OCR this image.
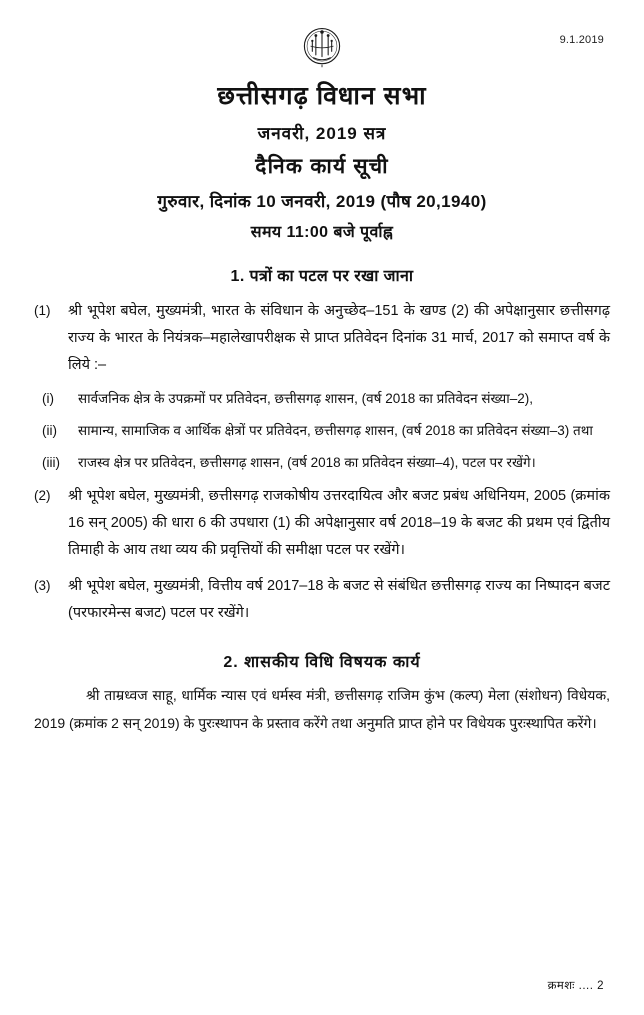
9.1.2019
.
छत्तीसगढ़ विधान सभा
जनवरी, 2019 सत्र
दैनिक कार्य सूची
गुरुवार, दिनांक 10 जनवरी, 2019 (पौष 20,1940)
समय 11:00 बजे पूर्वाह्न
1. पत्रों का पटल पर रखा जाना
(1)	श्री भूपेश बघेल, मुख्यमंत्री, भारत के संविधान के अनुच्छेद–151 के खण्ड (2) की अपेक्षानुसार छत्तीसगढ़ राज्य के भारत के नियंत्रक–महालेखापरीक्षक से प्राप्त प्रतिवेदन दिनांक 31 मार्च, 2017 को समाप्त वर्ष के लिये :–
(i)	सार्वजनिक क्षेत्र के उपक्रमों पर प्रतिवेदन, छत्तीसगढ़ शासन, (वर्ष 2018 का प्रतिवेदन संख्या–2),
(ii)	सामान्य, सामाजिक व आर्थिक क्षेत्रों पर प्रतिवेदन, छत्तीसगढ़ शासन, (वर्ष 2018 का प्रतिवेदन संख्या–3) तथा
(iii)	राजस्व क्षेत्र पर प्रतिवेदन, छत्तीसगढ़ शासन, (वर्ष 2018 का प्रतिवेदन संख्या–4), पटल पर रखेंगे।
(2)	श्री भूपेश बघेल, मुख्यमंत्री, छत्तीसगढ़ राजकोषीय उत्तरदायित्व और बजट प्रबंध अधिनियम, 2005 (क्रमांक 16 सन् 2005) की धारा 6 की उपधारा (1) की अपेक्षानुसार वर्ष 2018–19 के बजट की प्रथम एवं द्वितीय तिमाही के आय तथा व्यय की प्रवृत्तियों की समीक्षा पटल पर रखेंगे।
(3)	श्री भूपेश बघेल, मुख्यमंत्री, वित्तीय वर्ष 2017–18 के बजट से संबंधित छत्तीसगढ़ राज्य का निष्पादन बजट (परफारमेन्स बजट) पटल पर रखेंगे।
2. शासकीय विधि विषयक कार्य
श्री ताम्रध्वज साहू, धार्मिक न्यास एवं धर्मस्व मंत्री, छत्तीसगढ़ राजिम कुंभ (कल्प) मेला (संशोधन) विधेयक, 2019 (क्रमांक 2 सन् 2019) के पुरःस्थापन के प्रस्ताव करेंगे तथा अनुमति प्राप्त होने पर विधेयक पुरःस्थापित करेंगे।
क्रमशः .... 2
